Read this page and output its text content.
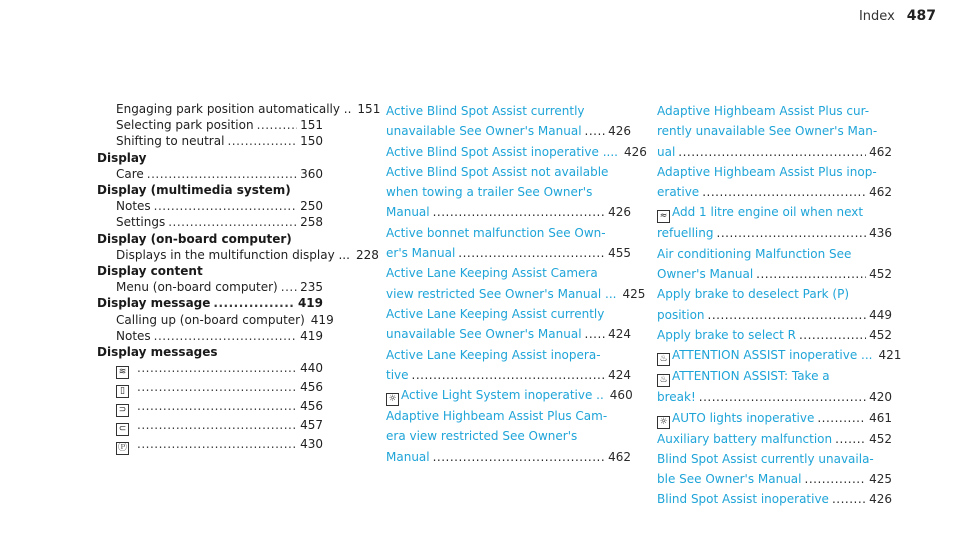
Index 487
Engaging park position automatically .. 151
Selecting park position .....	151
Shifting to neutral .....	150
Display
Care .....	360
Display (multimedia system)
Notes .....	250
Settings .....	258
Display (on-board computer)
Displays in the multifunction display ... 228
Display content
Menu (on-board computer) ..... 235
Display message .....	419
Calling up (on-board computer) 419
Notes .....	419
Display messages
≋ .....	440
▯ .....	456
⊃ .....	456
⊂ .....	457
Ⓟ .....	430
Active Blind Spot Assist currently
unavailable See Owner's Manual ..... 426
Active Blind Spot Assist inoperative .... 426
Active Blind Spot Assist not available
when towing a trailer See Owner's
Manual .....	426
Active bonnet malfunction See Own-
er's Manual .....	455
Active Lane Keeping Assist Camera
view restricted See Owner's Manual ... 425
Active Lane Keeping Assist currently
unavailable See Owner's Manual ..... 424
Active Lane Keeping Assist inopera-
tive .....	424
☼ Active Light System inoperative .. 460
Adaptive Highbeam Assist Plus Cam-
era view restricted See Owner's
Manual .....	462
Adaptive Highbeam Assist Plus cur-
rently unavailable See Owner's Man-
ual .....	462
Adaptive Highbeam Assist Plus inop-
erative .....	462
≈ Add 1 litre engine oil when next
refuelling .....	436
Air conditioning Malfunction See
Owner's Manual .....	452
Apply brake to deselect Park (P)
position .....	449
Apply brake to select R .....	452
♨ ATTENTION ASSIST inoperative ... 421
♨ ATTENTION ASSIST: Take a
break! .....	420
☼ AUTO lights inoperative .....	461
Auxiliary battery malfunction .....	452
Blind Spot Assist currently unavaila-
ble See Owner's Manual .....	425
Blind Spot Assist inoperative .....	426
